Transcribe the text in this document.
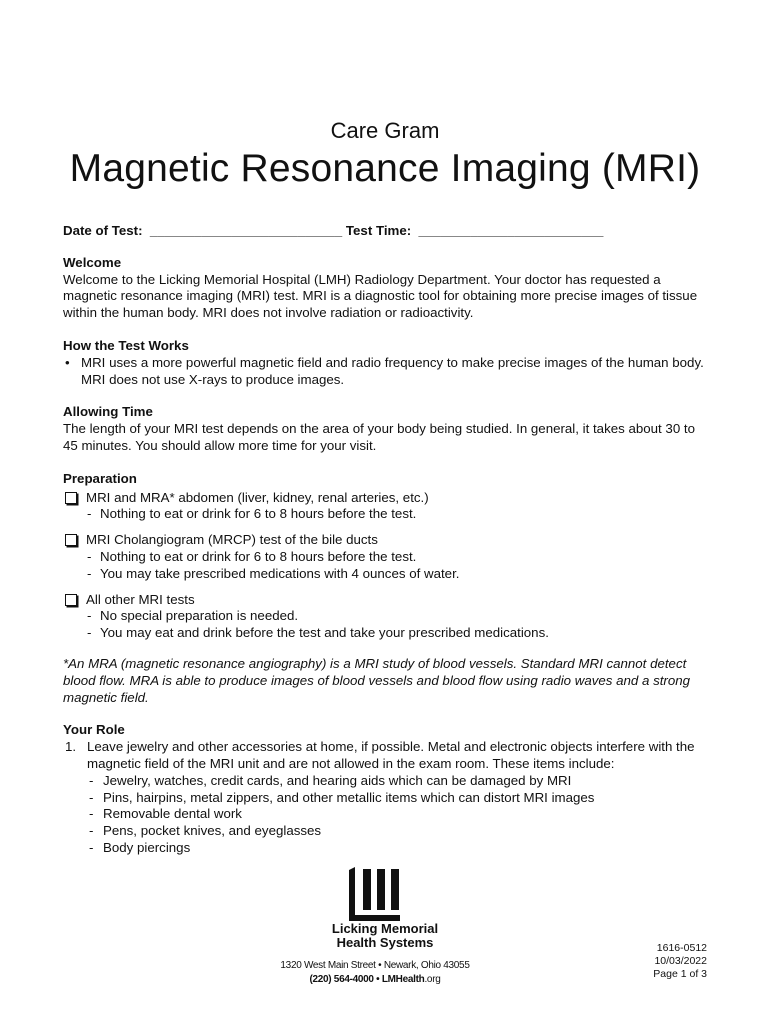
Care Gram
Magnetic Resonance Imaging (MRI)
Date of Test:  __________________________ Test Time:  _________________________
Welcome

Welcome to the Licking Memorial Hospital (LMH) Radiology Department. Your doctor has requested a magnetic resonance imaging (MRI) test. MRI is a diagnostic tool for obtaining more precise images of tissue within the human body. MRI does not involve radiation or radioactivity.

How the Test Works
• MRI uses a more powerful magnetic field and radio frequency to make precise images of the human body. MRI does not use X-rays to produce images.
Allowing Time

The length of your MRI test depends on the area of your body being studied. In general, it takes about 30 to 45 minutes. You should allow more time for your visit.

Preparation
MRI and MRA* abdomen (liver, kidney, renal arteries, etc.)
- Nothing to eat or drink for 6 to 8 hours before the test.
MRI Cholangiogram (MRCP) test of the bile ducts
- Nothing to eat or drink for 6 to 8 hours before the test.
- You may take prescribed medications with 4 ounces of water.
All other MRI tests
- No special preparation is needed.
- You may eat and drink before the test and take your prescribed medications.

*An MRA (magnetic resonance angiography) is a MRI study of blood vessels. Standard MRI cannot detect blood flow. MRA is able to produce images of blood vessels and blood flow using radio waves and a strong magnetic field.

Your Role
1. Leave jewelry and other accessories at home, if possible. Metal and electronic objects interfere with the magnetic field of the MRI unit and are not allowed in the exam room. These items include:
- Jewelry, watches, credit cards, and hearing aids which can be damaged by MRI
- Pins, hairpins, metal zippers, and other metallic items which can distort MRI images
- Removable dental work
- Pens, pocket knives, and eyeglasses
- Body piercings
Licking Memorial
Health Systems
1320 West Main Street • Newark, Ohio 43055
(220) 564-4000 • LMHealth.org
1616-0512
10/03/2022
Page 1 of 3
